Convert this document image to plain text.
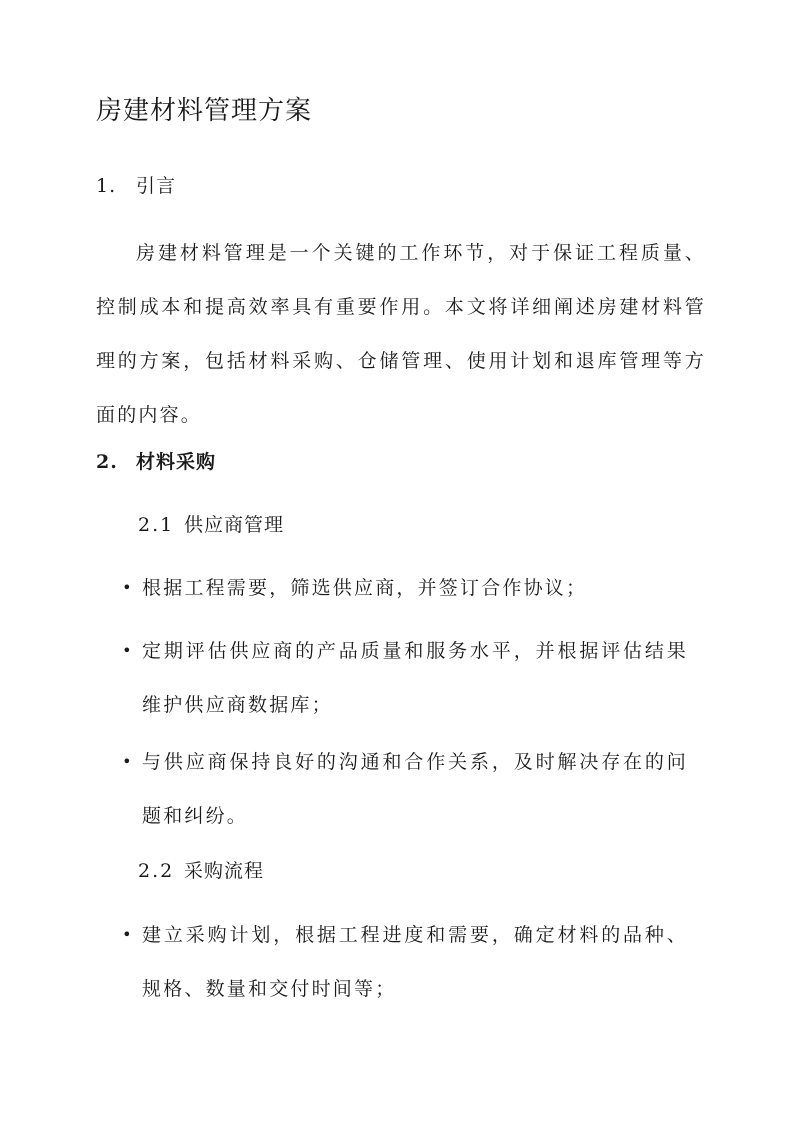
房建材料管理方案
1. 引言

房建材料管理是一个关键的工作环节，对于保证工程质量、控制成本和提高效率具有重要作用。本文将详细阐述房建材料管理的方案，包括材料采购、仓储管理、使用计划和退库管理等方面的内容。

2. 材料采购
2.1 供应商管理
• 根据工程需要，筛选供应商，并签订合作协议；
• 定期评估供应商的产品质量和服务水平，并根据评估结果维护供应商数据库；
• 与供应商保持良好的沟通和合作关系，及时解决存在的问题和纠纷。
2.2 采购流程
• 建立采购计划，根据工程进度和需要，确定材料的品种、规格、数量和交付时间等；
